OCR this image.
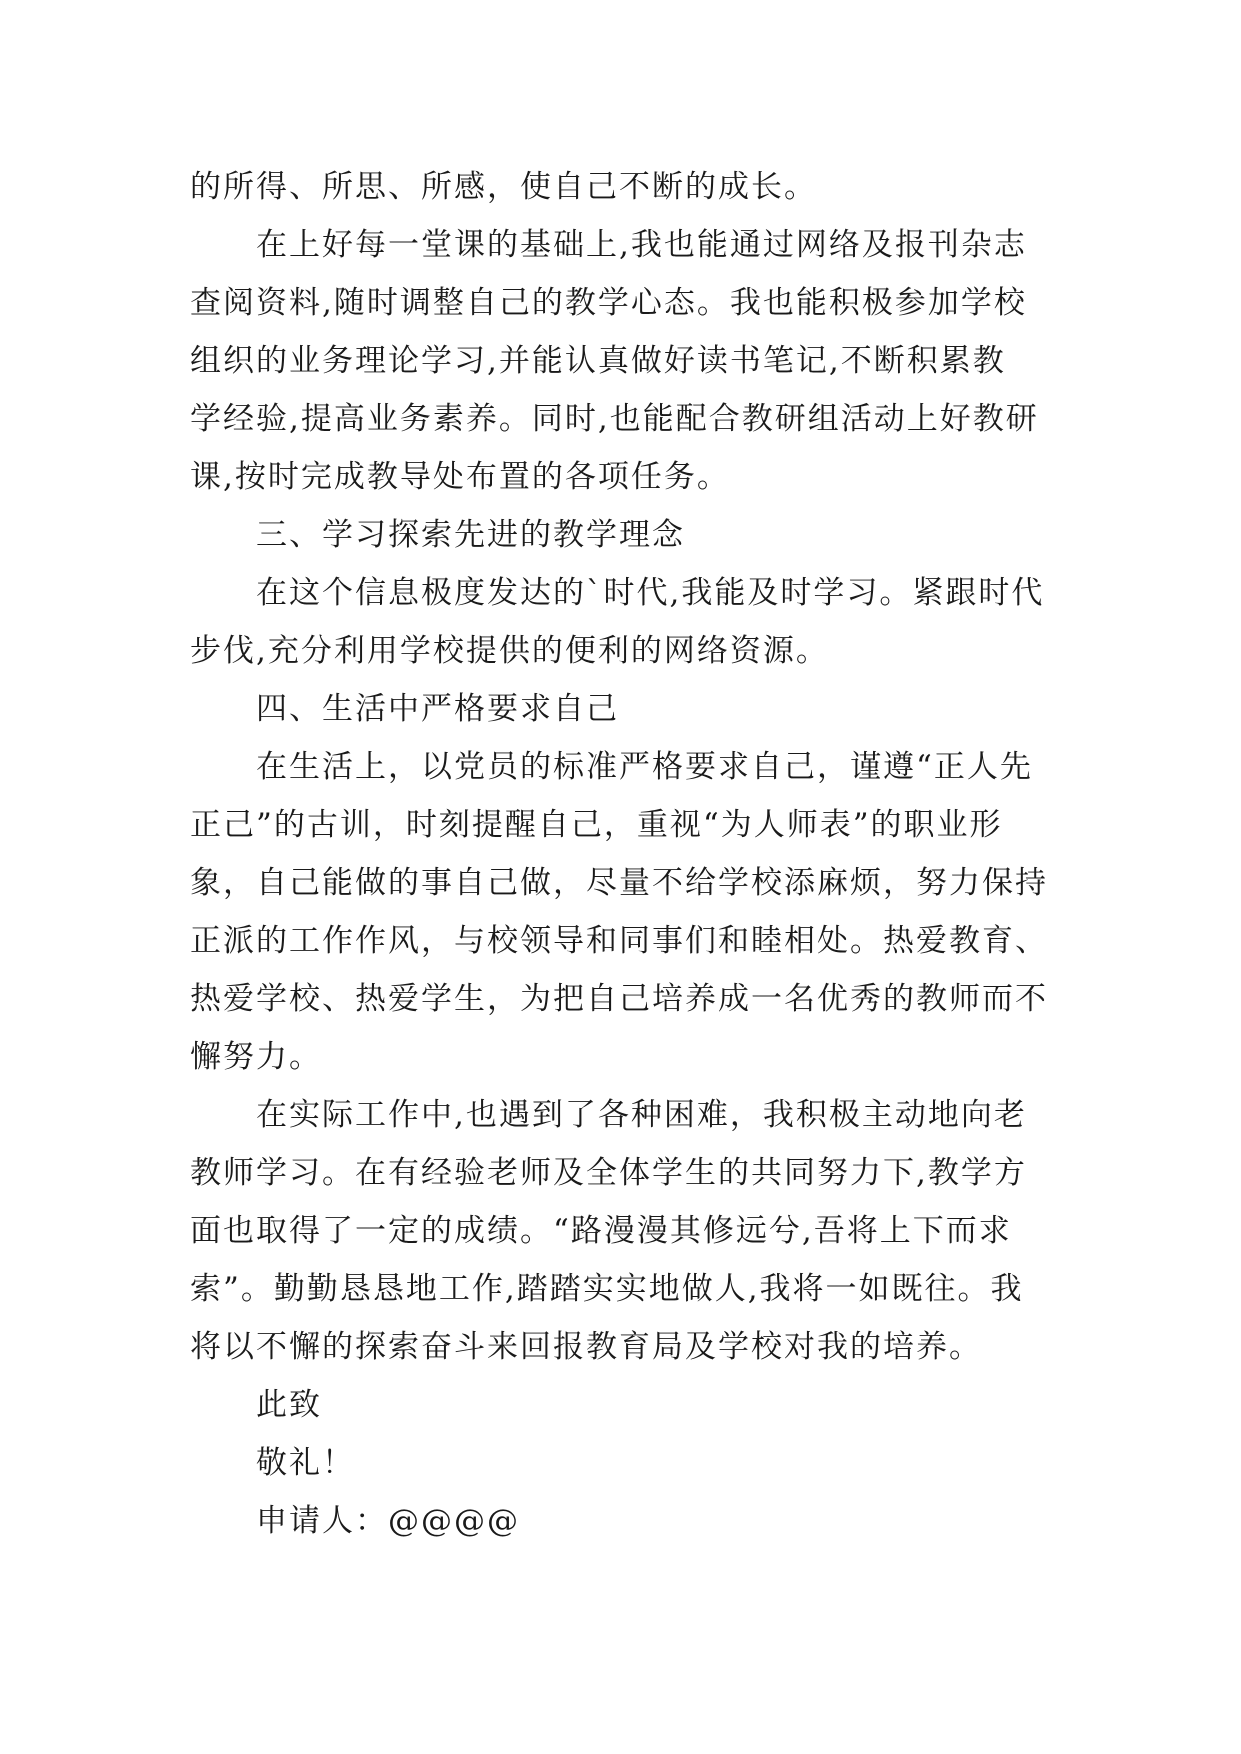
的所得、所思、所感，使自己不断的成长。
在上好每一堂课的基础上,我也能通过网络及报刊杂志
查阅资料,随时调整自己的教学心态。我也能积极参加学校
组织的业务理论学习,并能认真做好读书笔记,不断积累教
学经验,提高业务素养。同时,也能配合教研组活动上好教研
课,按时完成教导处布置的各项任务。
三、学习探索先进的教学理念
在这个信息极度发达的`时代,我能及时学习。紧跟时代
步伐,充分利用学校提供的便利的网络资源。
四、生活中严格要求自己
在生活上，以党员的标准严格要求自己，谨遵“正人先
正己”的古训，时刻提醒自己，重视“为人师表”的职业形
象，自己能做的事自己做，尽量不给学校添麻烦，努力保持
正派的工作作风，与校领导和同事们和睦相处。热爱教育、
热爱学校、热爱学生，为把自己培养成一名优秀的教师而不
懈努力。
在实际工作中,也遇到了各种困难，我积极主动地向老
教师学习。在有经验老师及全体学生的共同努力下,教学方
面也取得了一定的成绩。“路漫漫其修远兮,吾将上下而求
索”。勤勤恳恳地工作,踏踏实实地做人,我将一如既往。我
将以不懈的探索奋斗来回报教育局及学校对我的培养。
此致
敬礼！
申请人：@@@@
